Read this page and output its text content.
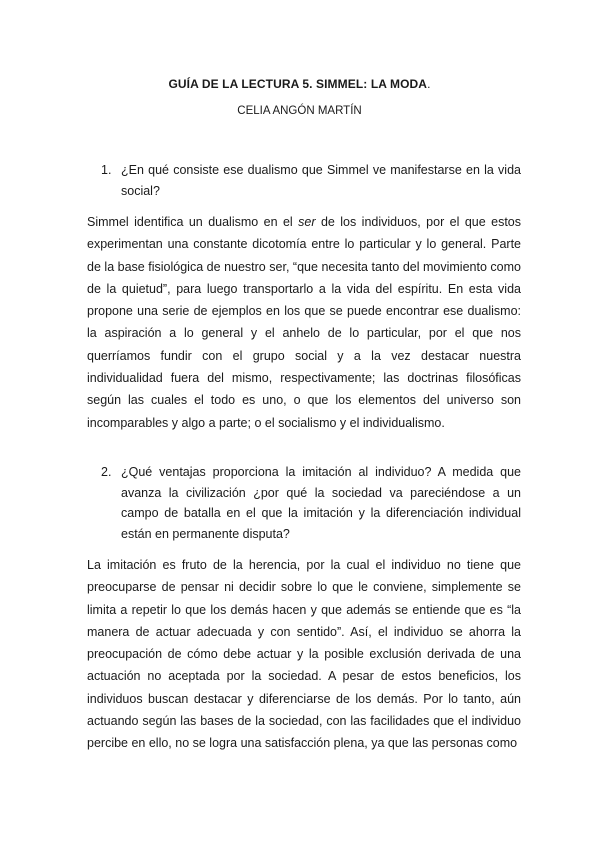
GUÍA DE LA LECTURA 5. SIMMEL: LA MODA.
CELIA ANGÓN MARTÍN
1. ¿En qué consiste ese dualismo que Simmel ve manifestarse en la vida social?

Simmel identifica un dualismo en el ser de los individuos, por el que estos experimentan una constante dicotomía entre lo particular y lo general. Parte de la base fisiológica de nuestro ser, “que necesita tanto del movimiento como de la quietud”, para luego transportarlo a la vida del espíritu. En esta vida propone una serie de ejemplos en los que se puede encontrar ese dualismo: la aspiración a lo general y el anhelo de lo particular, por el que nos querríamos fundir con el grupo social y a la vez destacar nuestra individualidad fuera del mismo, respectivamente; las doctrinas filosóficas según las cuales el todo es uno, o que los elementos del universo son incomparables y algo a parte; o el socialismo y el individualismo.

2. ¿Qué ventajas proporciona la imitación al individuo? A medida que avanza la civilización ¿por qué la sociedad va pareciéndose a un campo de batalla en el que la imitación y la diferenciación individual están en permanente disputa?

La imitación es fruto de la herencia, por la cual el individuo no tiene que preocuparse de pensar ni decidir sobre lo que le conviene, simplemente se limita a repetir lo que los demás hacen y que además se entiende que es “la manera de actuar adecuada y con sentido”. Así, el individuo se ahorra la preocupación de cómo debe actuar y la posible exclusión derivada de una actuación no aceptada por la sociedad. A pesar de estos beneficios, los individuos buscan destacar y diferenciarse de los demás. Por lo tanto, aún actuando según las bases de la sociedad, con las facilidades que el individuo percibe en ello, no se logra una satisfacción plena, ya que las personas como
